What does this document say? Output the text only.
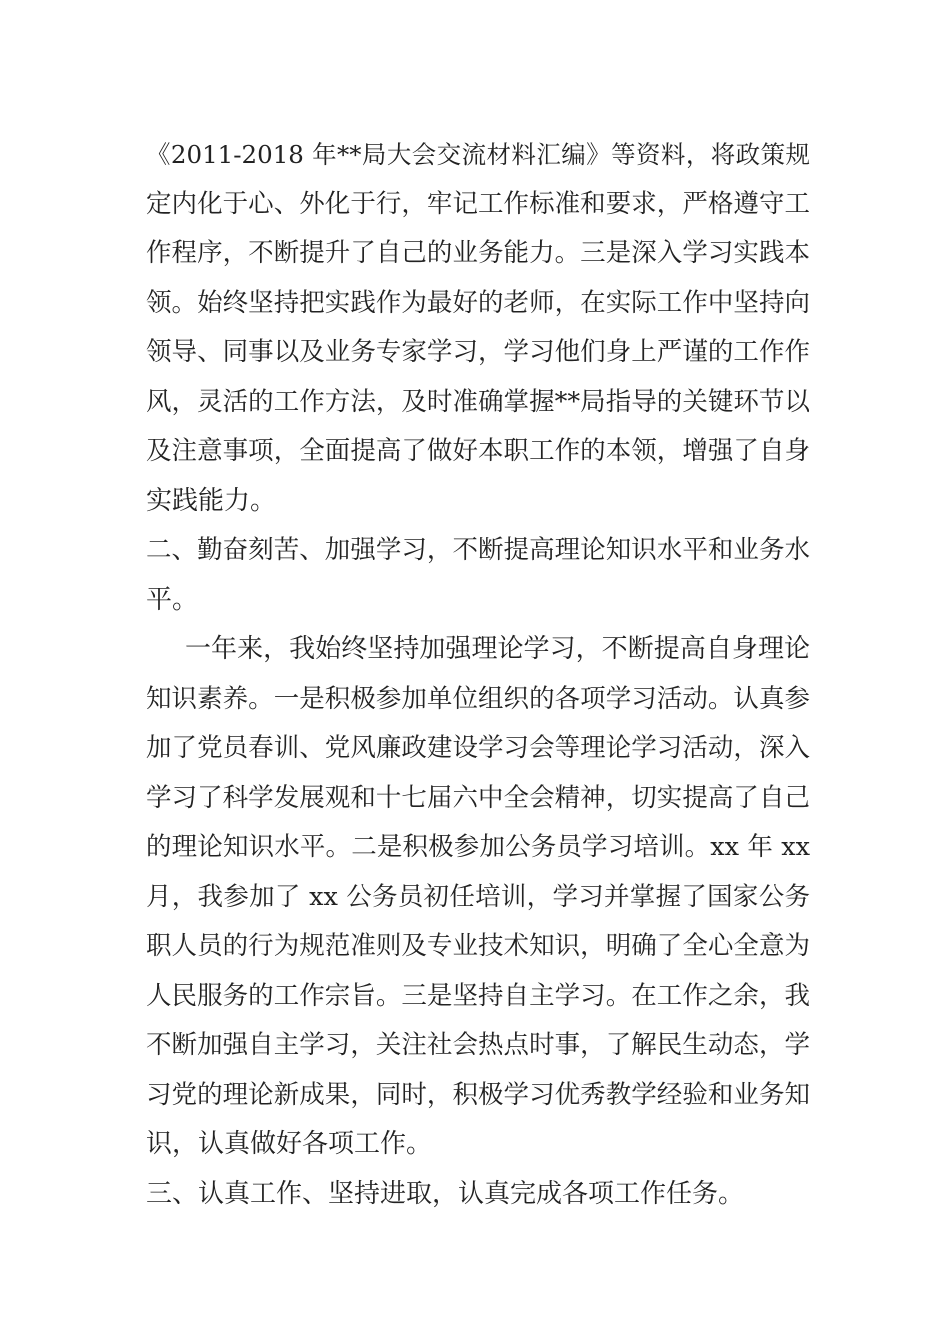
《2011-2018 年**局大会交流材料汇编》等资料，将政策规
定内化于心、外化于行，牢记工作标准和要求，严格遵守工
作程序，不断提升了自己的业务能力。三是深入学习实践本
领。始终坚持把实践作为最好的老师，在实际工作中坚持向
领导、同事以及业务专家学习，学习他们身上严谨的工作作
风，灵活的工作方法，及时准确掌握**局指导的关键环节以
及注意事项，全面提高了做好本职工作的本领，增强了自身
实践能力。
二、勤奋刻苦、加强学习，不断提高理论知识水平和业务水
平。
一年来，我始终坚持加强理论学习，不断提高自身理论
知识素养。一是积极参加单位组织的各项学习活动。认真参
加了党员春训、党风廉政建设学习会等理论学习活动，深入
学习了科学发展观和十七届六中全会精神，切实提高了自己
的理论知识水平。二是积极参加公务员学习培训。xx 年 xx
月，我参加了 xx 公务员初任培训，学习并掌握了国家公务
职人员的行为规范准则及专业技术知识，明确了全心全意为
人民服务的工作宗旨。三是坚持自主学习。在工作之余，我
不断加强自主学习，关注社会热点时事，了解民生动态，学
习党的理论新成果，同时，积极学习优秀教学经验和业务知
识，认真做好各项工作。
三、认真工作、坚持进取，认真完成各项工作任务。
